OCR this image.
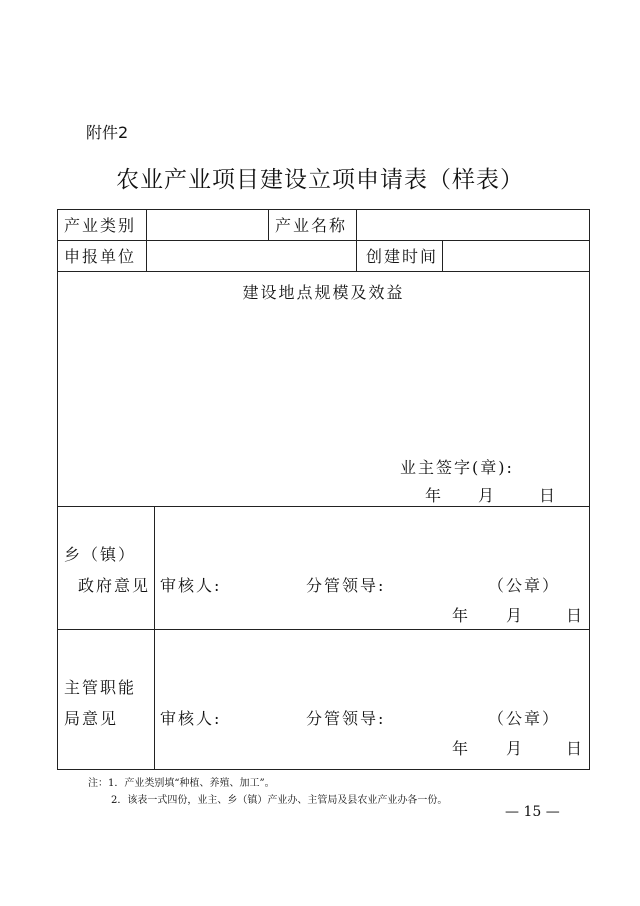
附件2
农业产业项目建设立项申请表（样表）
产业类别	产业名称
申报单位	创建时间
建设地点规模及效益
业主签字(章):
年 月	日
乡（镇）
政府意见 审核人:	分管领导:	（公章）
年 月	日
主管职能
局意见	审核人:	分管领导:	（公章）
年 月	日
注：1．产业类别填“种植、养殖、加工”。
2．该表一式四份，业主、乡（镇）产业办、主管局及县农业产业办各一份。
— 15 —
